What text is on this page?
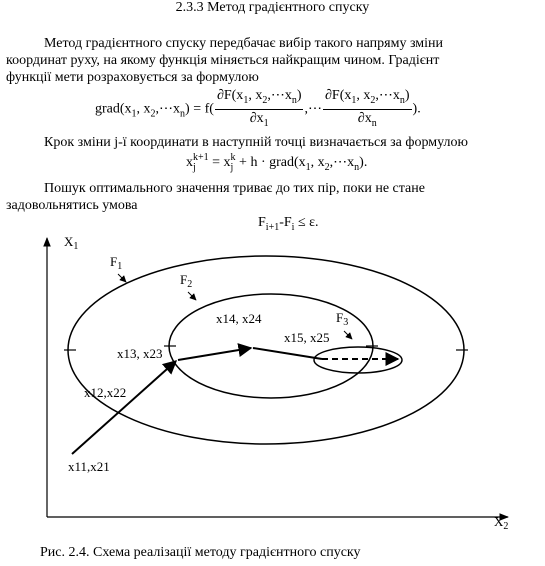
2.3.3 Метод градієнтного спуску
Метод градієнтного спуску передбачає вибір такого напряму зміни
координат руху, на якому функція міняється найкращим чином. Градієнт
функції мети розраховується за формулою
$grad(x_1$, $x_2,\cdots x_n) = f( \frac{\partial F(x_1, x_2,\cdots x_n)}{\partial x_1}$ ,⋯ $\frac{\partial F(x_1, x_2,\cdots x_n)}{\partial x_n}$ ).
Крок зміни j-ї координати в наступній точці визначається за формулою
x k+1
j = x k
$j + h \cdot grad(x_1$, $x_2,\cdots x_n$).
Пошук оптимального значення триває до тих пір, поки не стане
задовольнятись умова
$F_{i+1}-F_i \le \varepsilon$.
$F_1$
$F_2$
$F_3$
$X_1$
$X_2$
x11,x21
x12,x22
x13, x23
x14, x24
x15, x25
Рис. 2.4. Схема реалізації методу градієнтного спуску
